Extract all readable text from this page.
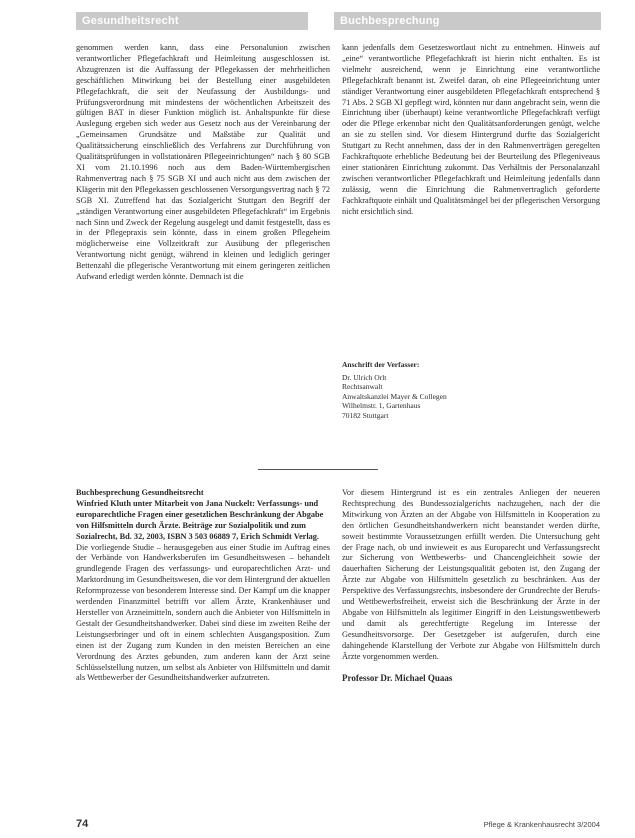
Gesundheitsrecht	Buchbesprechung

genommen werden kann, dass eine Personalunion zwischen verantwortlicher Pflegefachkraft und Heimleitung ausgeschlossen ist. Abzugrenzen ist die Auffassung der Pflegekassen der mehrheitlichen geschäftlichen Mitwirkung bei der Bestellung einer ausgebildeten Pflegefachkraft, die seit der Neufassung der Ausbildungs- und Prüfungsverordnung mit mindestens der wöchentlichen Arbeitszeit des gültigen BAT in dieser Funktion möglich ist. Anhaltspunkte für diese Auslegung ergeben sich weder aus Gesetz noch aus der Vereinbarung der „Gemeinsamen Grundsätze und Maßstäbe zur Qualität und Qualitätssicherung einschließlich des Verfahrens zur Durchführung von Qualitätsprüfungen in vollstationären Pflegeeinrichtungen“ nach § 80 SGB XI vom 21.10.1996 noch aus dem Baden-Württembergischen Rahmenvertrag nach § 75 SGB XI und auch nicht aus dem zwischen der Klägerin mit den Pflegekassen geschlossenen Versorgungsvertrag nach § 72 SGB XI. Zutreffend hat das Sozialgericht Stuttgart den Begriff der „ständigen Verantwortung einer ausgebildeten Pflegefachkraft“ im Ergebnis nach Sinn und Zweck der Regelung ausgelegt und damit festgestellt, dass es in der Pflegepraxis sein könnte, dass in einem großen Pflegeheim möglicherweise eine Vollzeitkraft zur Ausübung der pflegerischen Verantwortung nicht genügt, während in kleinen und lediglich geringer Bettenzahl die pflegerische Verantwortung mit einem geringeren zeitlichen Aufwand erledigt werden könnte. Demnach ist die

kann jedenfalls dem Gesetzeswortlaut nicht zu entnehmen. Hinweis auf „eine“ verantwortliche Pflegefachkraft ist hierin nicht enthalten. Es ist vielmehr ausreichend, wenn je Einrichtung eine verantwortliche Pflegefachkraft benannt ist. Zweifel daran, ob eine Pflegeeinrichtung unter ständiger Verantwortung einer ausgebildeten Pflegefachkraft entsprechend § 71 Abs. 2 SGB XI gepflegt wird, könnten nur dann angebracht sein, wenn die Einrichtung über (überhaupt) keine verantwortliche Pflegefachkraft verfügt oder die Pflege erkennbar nicht den Qualitätsanforderungen genügt, welche an sie zu stellen sind. Vor diesem Hintergrund durfte das Sozialgericht Stuttgart zu Recht annehmen, dass der in den Rahmenverträgen geregelten Fachkraftquote erhebliche Bedeutung bei der Beurteilung des Pflegeniveaus einer stationären Einrichtung zukommt. Das Verhältnis der Personalanzahl zwischen verantwortlicher Pflegefachkraft und Heimleitung jedenfalls dann zulässig, wenn die Einrichtung die Rahmenvertraglich geforderte Fachkraftquote einhält und Qualitätsmängel bei der pflegerischen Versorgung nicht ersichtlich sind.

Anschrift der Verfasser:
Dr. Ulrich Orlt
Rechtsanwalt
Anwaltskanzlei Mayer & Collegen
Wilhelmstr. 1, Gartenhaus
70182 Stuttgart
Buchbesprechung Gesundheitsrecht
Winfried Kluth unter Mitarbeit von Jana Nuckelt: Verfassungs- und europarechtliche Fragen einer gesetzlichen Beschränkung der Abgabe von Hilfsmitteln durch Ärzte. Beiträge zur Sozialpolitik und zum Sozialrecht, Bd. 32, 2003, ISBN 3 503 06889 7, Erich Schmidt Verlag.

Die vorliegende Studie – herausgegeben aus einer Studie im Auftrag eines der Verbände von Handwerksberufen im Gesundheitswesen – behandelt grundlegende Fragen des verfassungs- und europarechtlichen Arzt- und Marktordnung im Gesundheitswesen, die vor dem Hintergrund der aktuellen Reformprozesse von besonderem Interesse sind. Der Kampf um die knapper werdenden Finanzmittel betrifft vor allem Ärzte, Krankenhäuser und Hersteller von Arzneimitteln, sondern auch die Anbieter von Hilfsmitteln in Gestalt der Gesundheitshandwerker. Dabei sind diese im zweiten Reihe der Leistungserbringer und oft in einem schlechten Ausgangsposition. Zum einen ist der Zugang zum Kunden in den meisten Bereichen an eine Verordnung des Arztes gebunden, zum anderen kann der Arzt seine Schlüsselstellung nutzen, um selbst als Anbieter von Hilfsmitteln und damit als Wettbewerber der Gesundheitshandwerker aufzutreten.

Vor diesem Hintergrund ist es ein zentrales Anliegen der neueren Rechtsprechung des Bundessozialgerichts nachzugehen, nach der die Mitwirkung von Ärzten an der Abgabe von Hilfsmitteln in Kooperation zu den örtlichen Gesundheitshandwerkern nicht beanstandet werden dürfte, soweit bestimmte Voraussetzungen erfüllt werden. Die Untersuchung geht der Frage nach, ob und inwieweit es aus Europarecht und Verfassungsrecht zur Sicherung von Wettbewerbs- und Chancengleichheit sowie der dauerhaften Sicherung der Leistungsqualität geboten ist, den Zugang der Ärzte zur Abgabe von Hilfsmitteln gesetzlich zu beschränken. Aus der Perspektive des Verfassungsrechts, insbesondere der Grundrechte der Berufs- und Wettbewerbsfreiheit, erweist sich die Beschränkung der Ärzte in der Abgabe von Hilfsmitteln als legitimer Eingriff in den Leistungswettbewerb und damit als gerechtfertigte Regelung im Interesse der Gesundheitsvorsorge. Der Gesetzgeber ist aufgerufen, durch eine dahingehende Klarstellung der Verbote zur Abgabe von Hilfsmitteln durch Ärzte vorgenommen werden.

Professor Dr. Michael Quaas
74	Pflege & Krankenhausrecht 3/2004
